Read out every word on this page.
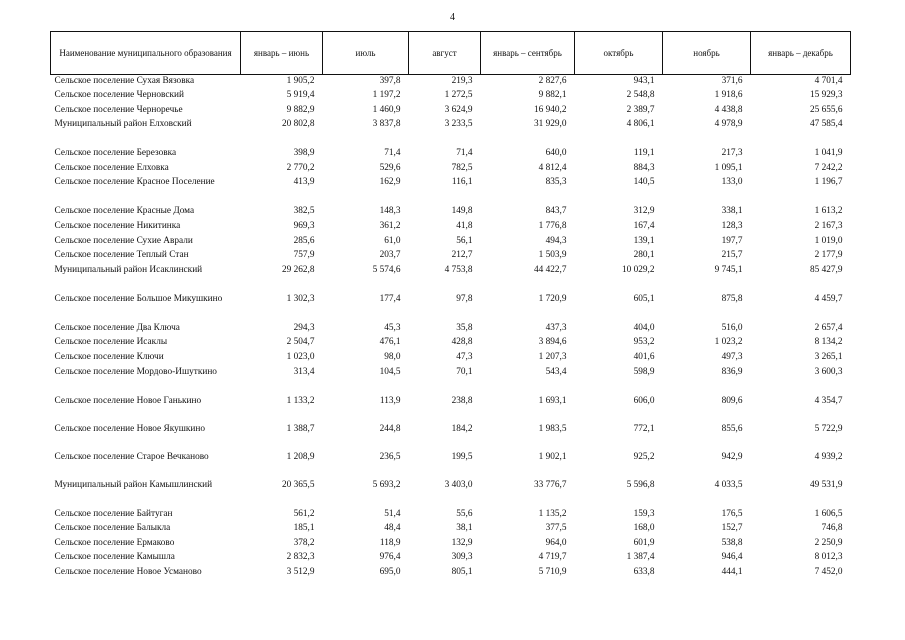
4
Наименование муниципального образования	январь – июнь	июль	август	январь – сентябрь	октябрь	ноябрь	январь – декабрь
Сельское поселение Сухая Вязовка	1 905,2	397,8	219,3	2 827,6	943,1	371,6	4 701,4
Сельское поселение Черновский	5 919,4	1 197,2	1 272,5	9 882,1	2 548,8	1 918,6	15 929,3
Сельское поселение Черноречье	9 882,9	1 460,9	3 624,9	16 940,2	2 389,7	4 438,8	25 655,6
Муниципальный район Елховский	20 802,8	3 837,8	3 233,5	31 929,0	4 806,1	4 978,9	47 585,4
Сельское поселение Березовка	398,9	71,4	71,4	640,0	119,1	217,3	1 041,9
Сельское поселение Елховка	2 770,2	529,6	782,5	4 812,4	884,3	1 095,1	7 242,2
Сельское поселение Красное Поселение	413,9	162,9	116,1	835,3	140,5	133,0	1 196,7
Сельское поселение Красные Дома	382,5	148,3	149,8	843,7	312,9	338,1	1 613,2
Сельское поселение Никитинка	969,3	361,2	41,8	1 776,8	167,4	128,3	2 167,3
Сельское поселение Сухие Аврали	285,6	61,0	56,1	494,3	139,1	197,7	1 019,0
Сельское поселение Теплый Стан	757,9	203,7	212,7	1 503,9	280,1	215,7	2 177,9
Муниципальный район Исаклинский	29 262,8	5 574,6	4 753,8	44 422,7	10 029,2	9 745,1	85 427,9
Сельское поселение Большое Микушкино	1 302,3	177,4	97,8	1 720,9	605,1	875,8	4 459,7
Сельское поселение Два Ключа	294,3	45,3	35,8	437,3	404,0	516,0	2 657,4
Сельское поселение Исаклы	2 504,7	476,1	428,8	3 894,6	953,2	1 023,2	8 134,2
Сельское поселение Ключи	1 023,0	98,0	47,3	1 207,3	401,6	497,3	3 265,1
Сельское поселение Мордово-Ишуткино	313,4	104,5	70,1	543,4	598,9	836,9	3 600,3
Сельское поселение Новое Ганькино	1 133,2	113,9	238,8	1 693,1	606,0	809,6	4 354,7
Сельское поселение Новое Якушкино	1 388,7	244,8	184,2	1 983,5	772,1	855,6	5 722,9
Сельское поселение Старое Вечканово	1 208,9	236,5	199,5	1 902,1	925,2	942,9	4 939,2
Муниципальный район Камышлинский	20 365,5	5 693,2	3 403,0	33 776,7	5 596,8	4 033,5	49 531,9
Сельское поселение Байтуган	561,2	51,4	55,6	1 135,2	159,3	176,5	1 606,5
Сельское поселение Балыкла	185,1	48,4	38,1	377,5	168,0	152,7	746,8
Сельское поселение Ермаково	378,2	118,9	132,9	964,0	601,9	538,8	2 250,9
Сельское поселение Камышла	2 832,3	976,4	309,3	4 719,7	1 387,4	946,4	8 012,3
Сельское поселение Новое Усманово	3 512,9	695,0	805,1	5 710,9	633,8	444,1	7 452,0
